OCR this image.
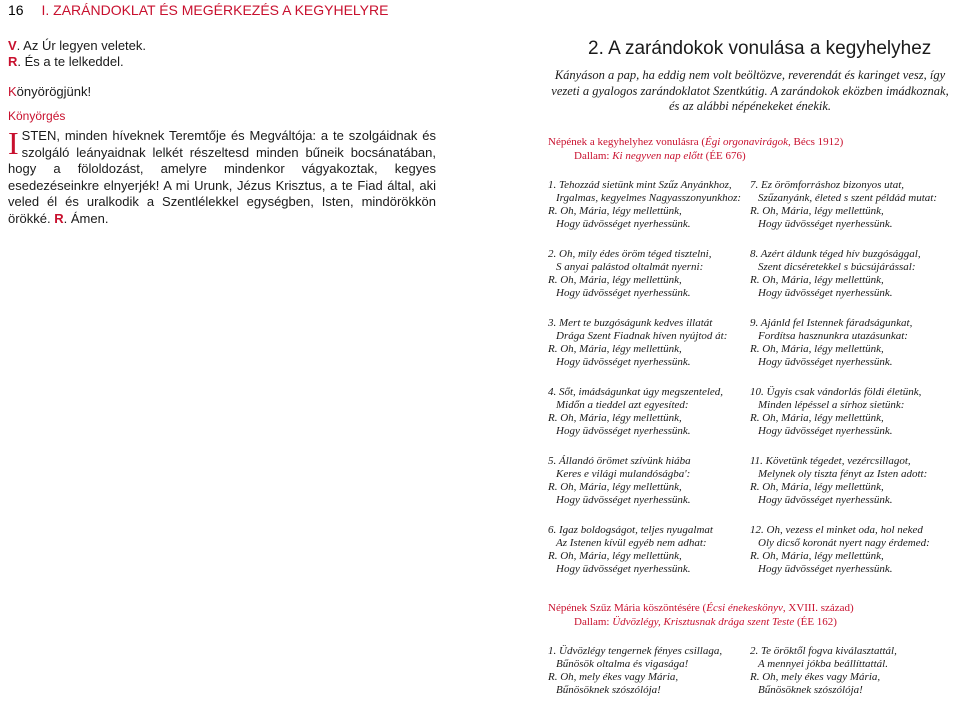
16 I. ZARÁNDOKLAT ÉS MEGÉRKEZÉS A KEGYHELYRE

V. Az Úr legyen veletek.

R. És a te lelkeddel.

Könyörögjünk!

Könyörgés
ISTEN, minden híveknek Teremtője és Megváltója: a te szolgáidnak és szolgáló leányaidnak lelkét részeltesd minden bűneik bocsánatában, hogy a föloldozást, amelyre mindenkor vágyakoztak, kegyes esedezéseinkre elnyerjék! A mi Urunk, Jézus Krisztus, a te Fiad által, aki veled él és uralkodik a Szentlélekkel egységben, Isten, mindörökkön örökké. R. Ámen.
2. A zarándokok vonulása a kegyhelyhez
Kányáson a pap, ha eddig nem volt beöltözve, reverendát és karinget vesz, így vezeti a gyalogos zarándoklatot Szentkútig. A zarándokok eközben imádkoznak, és az alábbi népénekeket énekik.
Népének a kegyhelyhez vonulásra (Égi orgonavirágok, Bécs 1912)
Dallam: Ki negyven nap előtt (ÉE 676)
1. Tehozzád sietünk mint Szűz Anyánkhoz,
Irgalmas, kegyelmes Nagyasszonyunkhoz:
R. Oh, Mária, légy mellettünk,
Hogy üdvösséget nyerhessünk.
2. Oh, mily édes öröm téged tisztelni,
S anyai palástod oltalmát nyerni:
R. Oh, Mária, légy mellettünk,
Hogy üdvösséget nyerhessünk.
3. Mert te buzgóságunk kedves illatát
Drága Szent Fiadnak híven nyújtod át:
R. Oh, Mária, légy mellettünk,
Hogy üdvösséget nyerhessünk.
4. Sőt, imádságunkat úgy megszenteled,
Midőn a tieddel azt egyesíted:
R. Oh, Mária, légy mellettünk,
Hogy üdvösséget nyerhessünk.
5. Állandó örömet szívünk hiába
Keres e világi mulandóságba':
R. Oh, Mária, légy mellettünk,
Hogy üdvösséget nyerhessünk.
6. Igaz boldogságot, teljes nyugalmat
Az Istenen kívül egyéb nem adhat:
R. Oh, Mária, légy mellettünk,
Hogy üdvösséget nyerhessünk.
7. Ez örömforráshoz bizonyos utat,
Szűzanyánk, életed s szent példád mutat:
R. Oh, Mária, légy mellettünk,
Hogy üdvösséget nyerhessünk.
8. Azért áldunk téged hív buzgósággal,
Szent dicséretekkel s búcsújárással:
R. Oh, Mária, légy mellettünk,
Hogy üdvösséget nyerhessünk.
9. Ajánld fel Istennek fáradságunkat,
Fordítsa hasznunkra utazásunkat:
R. Oh, Mária, légy mellettünk,
Hogy üdvösséget nyerhessünk.
10. Ügyis csak vándorlás földi életünk,
Minden lépéssel a sírhoz sietünk:
R. Oh, Mária, légy mellettünk,
Hogy üdvösséget nyerhessünk.
11. Követünk tégedet, vezércsillagot,
Melynek oly tiszta fényt az Isten adott:
R. Oh, Mária, légy mellettünk,
Hogy üdvösséget nyerhessünk.
12. Oh, vezess el minket oda, hol neked
Oly dicső koronát nyert nagy érdemed:
R. Oh, Mária, légy mellettünk,
Hogy üdvösséget nyerhessünk.
Népének Szűz Mária köszöntésére (Écsi énekeskönyv, XVIII. század)
Dallam: Üdvözlégy, Krisztusnak drága szent Teste (ÉE 162)
1. Üdvözlégy tengernek fényes csillaga,
Bűnösök oltalma és vigasága!
R. Oh, mely ékes vagy Mária,
Bűnösöknek szószólója!
2. Te öröktől fogva kiválasztattál,
A mennyei jókba beállíttattál.
R. Oh, mely ékes vagy Mária,
Bűnösöknek szószólója!
